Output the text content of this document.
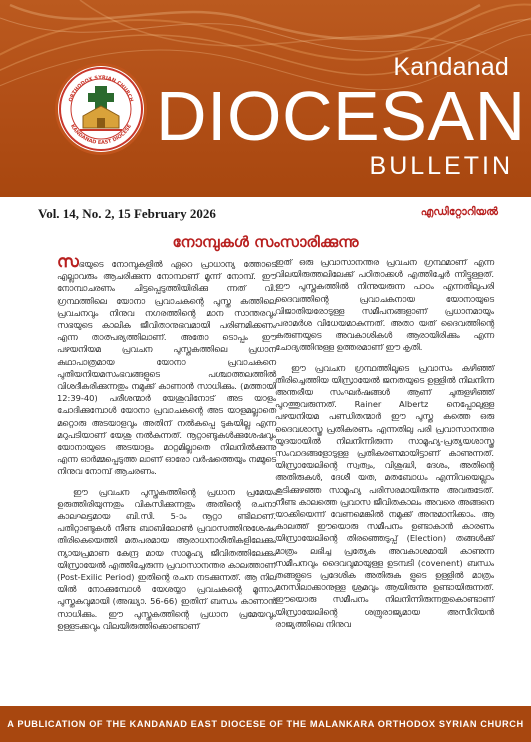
ORTHODOX SYRIAN CHURCH
KANDANAD EAST DIOCESE
Kandanad
DIOCESAN
BULLETIN
Vol. 14, No. 2, 15 February 2026	എഡിറ്റോറിയൽ
നോമ്പുകൾ സംസാരിക്കുന്നു

സഭയുടെ നോമ്പുകളിൽ ഏറെ പ്രാധാന്യ ത്തോടെ എല്ലാവരും ആചരിക്കുന്ന നോമ്പാണ് മൂന്ന് നോമ്പ്. ഈ നോമ്പാചരണം ചിട്ടപ്പെടുത്തിയിരിക്കു ന്നത് വി. ഗ്രന്ഥത്തിലെ യോനാ പ്രവാചകന്റെ പുസ്ത കത്തിലെ പ്രവചനവും നിനുവ നഗരത്തിന്റെ മാന സാന്തരവും സഭയുടെ കാലിക ജീവിതാനുഭവമായി പരിണമിക്കണം എന്ന താത്പര്യത്തിലാണ്. അതോ ടൊപ്പം ഈ പഴയനിയമ പ്രവചന പുസ്തകത്തിലെ പ്രധാന കഥാപാത്രമായ യോനാ പ്രവാചകനെ പുതിയനിയമസംഭവങ്ങളുടെ പശ്ചാത്തലത്തിൽ വിശദീകരിക്കുന്നതും നമുക്ക് കാണാൻ സാധിക്കും. (മത്തായി 12:39-40) പരീശന്മാർ യേശുവിനോട് അട യാളം ചോദിക്കുമ്പോൾ യോനാ പ്രവാചകന്റെ അട യാളമല്ലാതെ മറ്റൊരു അടയാളവും അതിന് നൽകപ്പെ ടുകയില്ല എന്ന മറുപടിയാണ് യേശു നൽകുന്നത്. നൂറ്റാണ്ടുകൾക്കുശേഷവും യോനായുടെ അടയാളം മാറ്റമില്ലാതെ നിലനിൽക്കുന്നു എന്ന ഓർമ്മപ്പെടുത്ത ലാണ് ഓരോ വർഷത്തെയും നമ്മുടെ നിനുവ നോമ്പ് ആചരണം.

ഈ പ്രവചന പുസ്തകത്തിന്റെ പ്രധാന പ്രമേയം ഉരുത്തിരിയുന്നതും വികസിക്കുന്നതും അതിന്റെ രചനാ കാലഘട്ടമായ ബി.സി. 5-ാം നൂറ്റാ ണ്ടിലാണ്. പതിറ്റാണ്ടുകൾ നീണ്ട ബാബിലോൺ പ്രവാസത്തിനുശേഷം തിരികെയെത്തി മതപരമായ ആരാധനാരീതികളിലേക്കും ന്യായപ്രമാണ കേന്ദ്ര മായ സാമൂഹ്യ ജീവിതത്തിലേക്കും യിസ്രായേൽ എത്തിച്ചേരുന്ന പ്രവാസാനന്തര കാലത്താണ് (Post-Exilic Period) ഇതിന്റെ രചന നടക്കുന്നത്. ആ നില യിൽ നോക്കുമ്പോൾ യേശയ്യാ പ്രവചകന്റെ മൂന്നാം പുസ്തകവുമായി (അദ്ധ്യാ. 56-66) ഇതിന് ബന്ധം കാണാൻ സാധിക്കും. ഈ പുസ്തകത്തിന്റെ പ്രധാന പ്രമേയവും ഉള്ളടക്കവും വിലയിരുത്തിക്കൊണ്ടാണ്

ഇത് ഒരു പ്രവാസാനന്തര പ്രവചന ഗ്രന്ഥമാണ് എന്ന വിലയിരുത്തലിലേക്ക് പഠിതാക്കൾ എത്തിച്ചേർ ന്നിട്ടുള്ളത്. ഈ പുസ്തകത്തിൽ നിന്നുയരുന്ന പാഠം എന്നതിലുപരി ദൈവത്തിന്റെ പ്രവാചകനായ യോനായുടെ വിജാതിയരോടുള്ള സമീപനങ്ങളാണ് പ്രധാനമായും പരാമർശ വിധേയമാകുന്നത്. അതാ യത് ദൈവത്തിന്റെ കരുണയുടെ അവകാശികൾ ആരായിരിക്കും എന്ന ചോദ്യത്തിനുള്ള ഉത്തരമാണ് ഈ കൃതി.

ഈ പ്രവചന ഗ്രന്ഥത്തിലൂടെ പ്രവാസം കഴിഞ്ഞ് തിരിച്ചെത്തിയ യിസ്രായേൽ ജനതയുടെ ഉള്ളിൽ നിലനിന്ന അന്തരീയ സംഘർഷങ്ങൾ ആണ് ചുരുളഴിഞ്ഞ് പുറത്തുവരുന്നത്. Rainer Albertz നെപ്പോലുള്ള പഴയനിയമ പണ്ഡിതന്മാർ ഈ പുസ്ത കത്തെ ഒരു ദൈവശാസ്ത്ര പ്രതികരണം എന്നതിലു പരി പ്രവാസാനന്തര യുദയായിൽ നിലനിന്നിരുന്ന സാമൂഹ്യ-പ്രത്യയശാസ്ത്ര സംവാദങ്ങളോടുള്ള പ്രതികരണമായിട്ടാണ് കാണുന്നത്. യിസ്രായേലിന്റെ സ്വത്വം, വിശുദ്ധി, ദേശം, അതിന്റെ അതിരുകൾ, ദേശീ യത, മതബോധം എന്നിവയെല്ലാം കൂടിക്കുഴഞ്ഞ സാമൂഹ്യ പരിസരമായിരുന്നു അവരുടേത്. നീണ്ട കാലത്തെ പ്രവാസ ജീവിതകാലം അവരെ അങ്ങനെ യാക്കിയെന്ന് വേണമെങ്കിൽ നമുക്ക് അനുമാനിക്കാം. ആ കാലത്ത് ഈയൊരു സമീപനം ഉണ്ടാകാൻ കാരണം യിസ്രായേലിന്റെ തിരഞ്ഞെടുപ്പ് (Election) തങ്ങൾക്ക് മാത്രം ലഭിച്ച പ്രത്യേക അവകാശമായി കാണുന്ന സമീപനവും ദൈവവുമായുള്ള ഉടമ്പടി (covenent) ബന്ധം തങ്ങളുടെ പ്രദേശിക അതിരുക ളുടെ ഉള്ളിൽ മാത്രം മനസിലാക്കാനുള്ള ശ്രമവും ആയിരുന്നു ഉണ്ടായിരുന്നത്. ഈയൊരു സമീപനം നിലനിന്നിരുന്നതുകൊണ്ടാണ് യിസ്രായേലിന്റെ ശത്രുരാജ്യമായ അസീറിയൻ രാജ്യത്തിലെ നിനുവ

A PUBLICATION OF THE KANDANAD EAST DIOCESE OF THE MALANKARA ORTHODOX SYRIAN CHURCH
